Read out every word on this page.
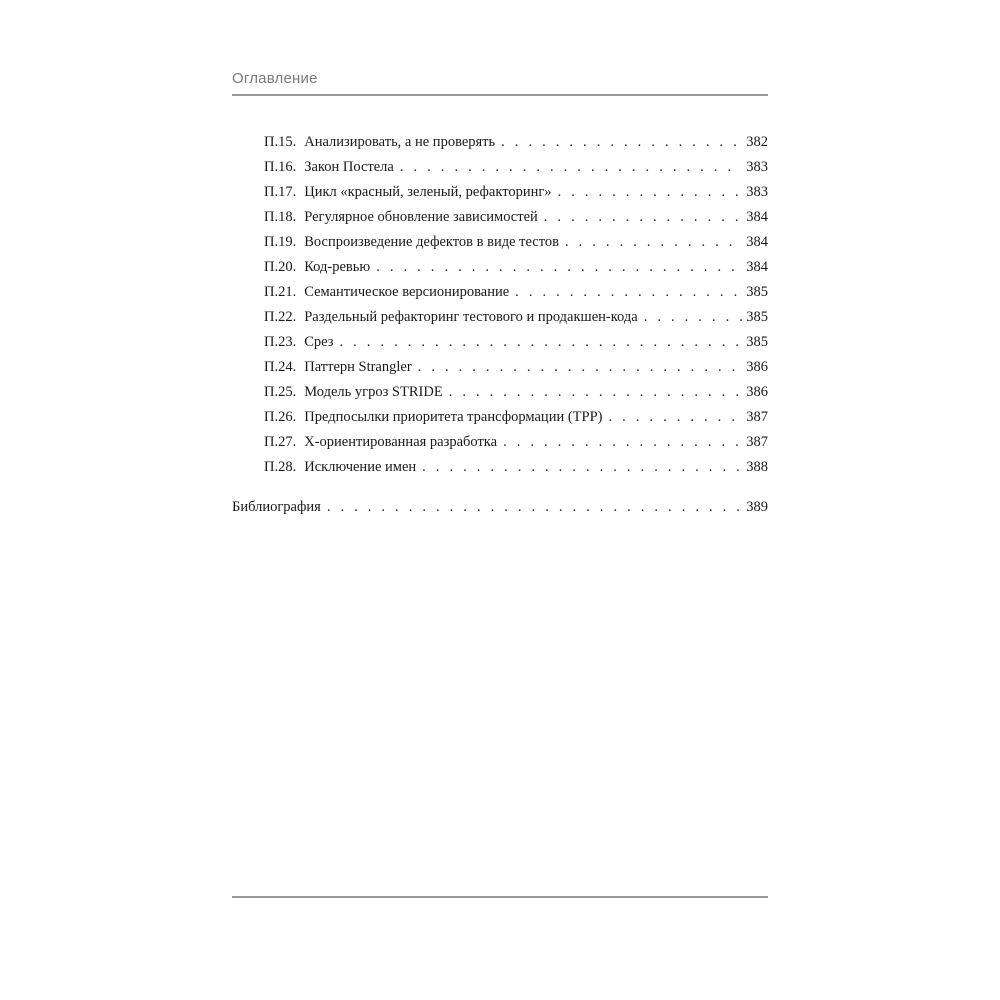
Оглавление
П.15. Анализировать, а не проверять . . .	382
П.16. Закон Постела . . .	383
П.17. Цикл «красный, зеленый, рефакторинг» . . .	383
П.18. Регулярное обновление зависимостей . . .	384
П.19. Воспроизведение дефектов в виде тестов . . .	384
П.20. Код-ревью . . .	384
П.21. Семантическое версионирование . . .	385
П.22. Раздельный рефакторинг тестового и продакшен-кода . . .	385
П.23. Срез . . .	385
П.24. Паттерн Strangler . . .	386
П.25. Модель угроз STRIDE . . .	386
П.26. Предпосылки приоритета трансформации (TPP) . . .	387
П.27. Х-ориентированная разработка . . .	387
П.28. Исключение имен . . .	388
Библиография . . .	389
